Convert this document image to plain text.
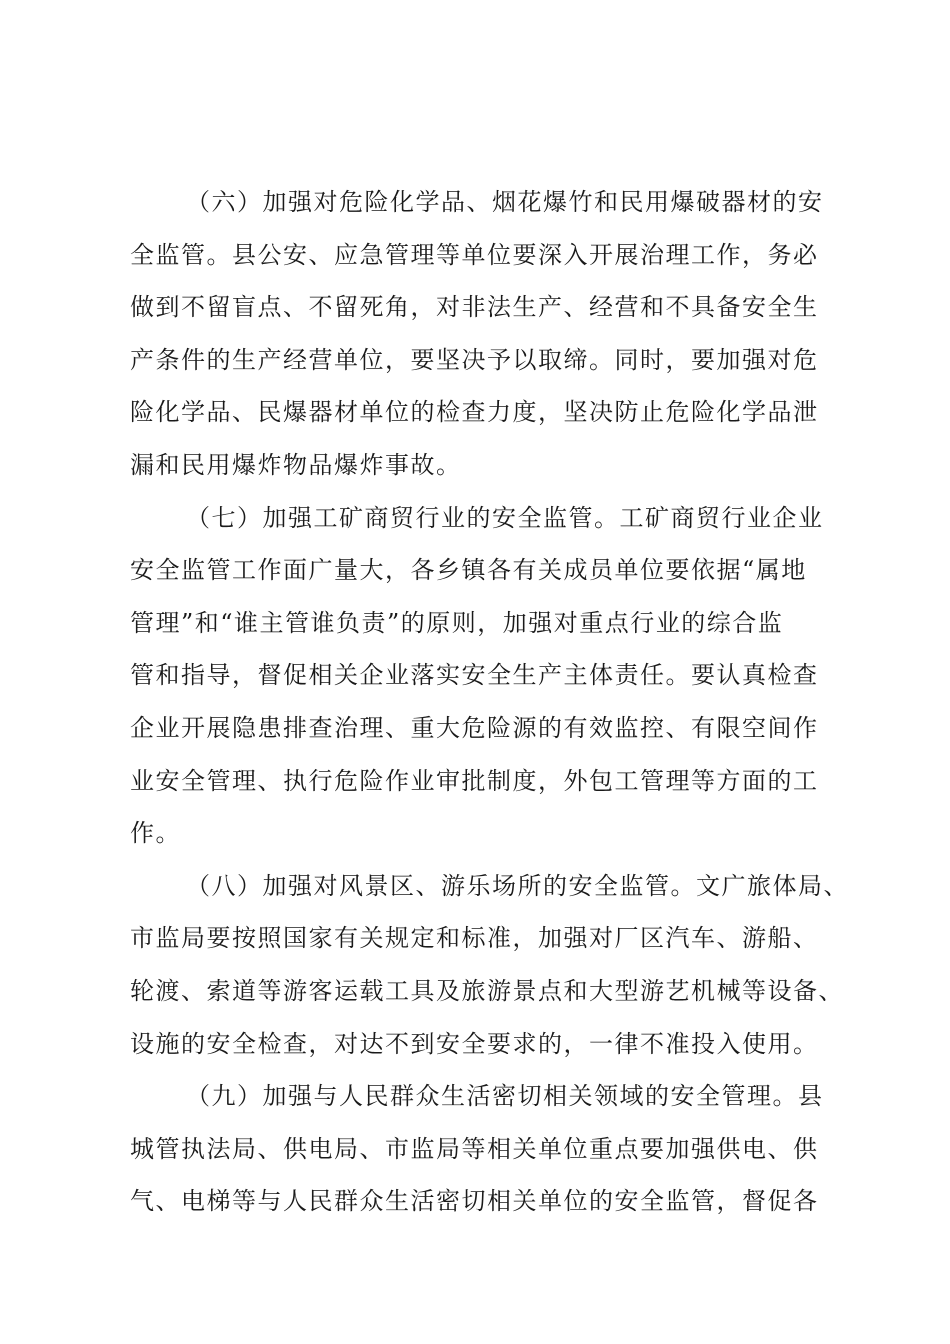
（六）加强对危险化学品、烟花爆竹和民用爆破器材的安
全监管。县公安、应急管理等单位要深入开展治理工作，务必
做到不留盲点、不留死角，对非法生产、经营和不具备安全生
产条件的生产经营单位，要坚决予以取缔。同时，要加强对危
险化学品、民爆器材单位的检查力度，坚决防止危险化学品泄
漏和民用爆炸物品爆炸事故。
（七）加强工矿商贸行业的安全监管。工矿商贸行业企业
安全监管工作面广量大，各乡镇各有关成员单位要依据“属地
管理”和“谁主管谁负责”的原则，加强对重点行业的综合监
管和指导，督促相关企业落实安全生产主体责任。要认真检查
企业开展隐患排查治理、重大危险源的有效监控、有限空间作
业安全管理、执行危险作业审批制度，外包工管理等方面的工
作。
（八）加强对风景区、游乐场所的安全监管。文广旅体局、
市监局要按照国家有关规定和标准，加强对厂区汽车、游船、
轮渡、索道等游客运载工具及旅游景点和大型游艺机械等设备、
设施的安全检查，对达不到安全要求的，一律不准投入使用。
（九）加强与人民群众生活密切相关领域的安全管理。县
城管执法局、供电局、市监局等相关单位重点要加强供电、供
气、电梯等与人民群众生活密切相关单位的安全监管，督促各
